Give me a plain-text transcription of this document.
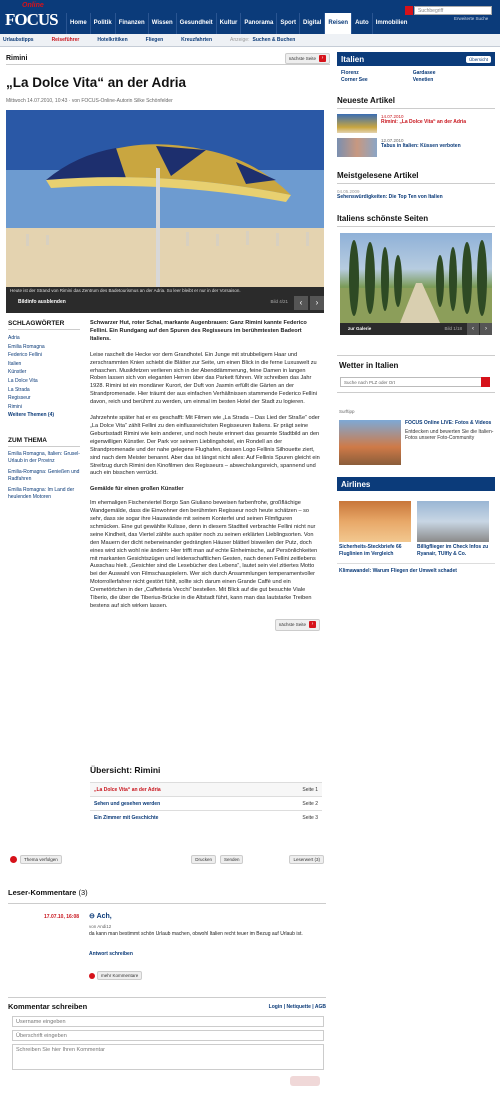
Online
FOCUS	Home	Politik	Finanzen	Wissen	Gesundheit	Kultur	Panorama	Sport	Digital	Reisen	Auto	Immobilien
Suchbegriff
Erweiterte Suche
Urlaubstipps	Reiseführer	Hotelkritiken	Fliegen	Kreuzfahrten	Anzeige: Suchen & Buchen
Rimini	nächste Seite	›
„La Dolce Vita“ an der Adria
Mittwoch 14.07.2010, 10:43 · von FOCUS-Online-Autorin Silke Schönfelder
Heute ist der Strand von Rimini das Zentrum des Badetourismus an der Adria. So leer bleibt er nur in der Vorsaison.
Bildinfo ausblenden	Bild 4/21	‹	›
SCHLAGWÖRTER
Adria
Emilia Romagna
Federico Fellini
Italien
Künstler
La Dolce Vita
La Strada
Regisseur
Rimini
Weitere Themen (4)
ZUM THEMA
Emilia Romagna, Italien: Grusel-Urlaub in der Provinz
Emilia-Romagna: Genießen und Radfahren
Emilia Romagna: Im Land der heulenden Motoren

Schwarzer Hut, roter Schal, markante Augenbrauen: Ganz Rimini kannte Federico Fellini. Ein Rundgang auf den Spuren des Regisseurs im berühmtesten Badeort Italiens.

Leise raschelt die Hecke vor dem Grandhotel. Ein Junge mit strubbeligem Haar und zerschrammten Knien schiebt die Blätter zur Seite, um einen Blick in die ferne Luxuswelt zu erhaschen. Musikfetzen verlieren sich in der Abenddämmerung, feine Damen in langen Roben lassen sich von eleganten Herren über das Parkett führen. Wir schreiben das Jahr 1928. Rimini ist ein mondäner Kurort, der Duft von Jasmin erfüllt die Gärten an der Strandpromenade. Hier träumt der aus einfachen Verhältnissen stammende Federico Fellini davon, reich und berühmt zu werden, um einmal im besten Hotel der Stadt zu logieren.

Jahrzehnte später hat er es geschafft: Mit Filmen wie „La Strada – Das Lied der Straße“ oder „La Dolce Vita“ zählt Fellini zu den einflussreichsten Regisseuren Italiens. Er prägt seine Geburtsstadt Rimini wie kein anderer, und noch heute erinnert das gesamte Stadtbild an den eigenwilligen Künstler. Der Park vor seinem Lieblingshotel, ein Rondell an der Strandpromenade und der nahe gelegene Flughafen, dessen Logo Fellinis Silhouette ziert, sind nach dem Meister benannt. Aber das ist längst nicht alles: Auf Fellinis Spuren gleicht ein Streifzug durch Rimini den Kinofilmen des Regisseurs – abwechslungsreich, spannend und auch ein bisschen verrückt.

Gemälde für einen großen Künstler

Im ehemaligen Fischerviertel Borgo San Giuliano beweisen farbenfrohe, großflächige Wandgemälde, dass die Einwohner den berühmten Regisseur noch heute schätzen – so sehr, dass sie sogar ihre Hauswände mit seinem Konterfei und seinen Filmfiguren schmücken. Eine gut gewählte Kulisse, denn in diesem Stadtteil verbrachte Fellini nicht nur seine Kindheit, das Viertel zählte auch später noch zu seinen erklärten Lieblingsorten. Von den Mauern der dicht nebeneinander gedrängten Häuser blätterl bisweilen der Putz, doch eines wird sich wohl nie ändern: Hier trifft man auf echte Einheimische, auf Persönlichkeiten mit markanten Gesichtszügen und leidenschaftlichen Gesten, nach denen Fellini zeitlebens Ausschau hielt. „Gesichter sind die Lesebücher des Lebens“, lautet sein viel zitiertes Motto bei der Auswahl von Filmschauspielern. Wer sich durch Ansammlungen temperamentvoller Motorrollerfahrer nicht gestört fühlt, sollte sich darum einen Grande Caffè und ein Cremetörtchen in der „Caffetteria Vecchi“ bestellen. Mit Blick auf die gut besuchte Viale Tiberio, die über die Tiberius-Brücke in die Altstadt führt, kann man das lautstarke Treiben bestens auf sich wirken lassen.

nächste Seite	›
Übersicht: Rimini
„La Dolce Vita“ an der Adria	Seite 1
Sehen und gesehen werden	Seite 2
Ein Zimmer mit Geschichte	Seite 3
Thema verfolgen	Drucken	Senden	Leserwert (3)
Leser-Kommentare (3)
17.07.10, 16:08 ⊖ Ach,
von Andi12
da kann man bestimmt schön Urlaub machen, obwohl Italien recht teuer im Bezug auf Urlaub ist.
Antwort schreiben
mehr Kommentare
Kommentar schreiben	Login | Netiquette | AGB
Username eingeben
Überschrift eingeben
Schreiben Sie hier Ihren Kommentar
Italien	Übersicht
Florenz
Corner See
Gardasee
Venetien
Neueste Artikel
14.07.2010
Rimini: „La Dolce Vita“ an der Adria
12.07.2010
Tabus in Italien: Küssen verboten
Meistgelesene Artikel
04.05.2009
Sehenswürdigkeiten: Die Top Ten von Italien
Italiens schönste Seiten
zur Galerie	Bild 1/18	‹	›
Wetter in Italien
Suche nach PLZ oder Ort
Surftipp
FOCUS Online LIVE: Fotos & Videos
Entdecken und bewerten Sie die Italien-Fotos unserer Foto-Community
Airlines
Sicherheits-Steckbriefe 66 Fluglinien im Vergleich
Billigflieger im Check Infos zu Ryanair, TUIfly & Co.
Klimawandel: Warum Fliegen der Umwelt schadet
